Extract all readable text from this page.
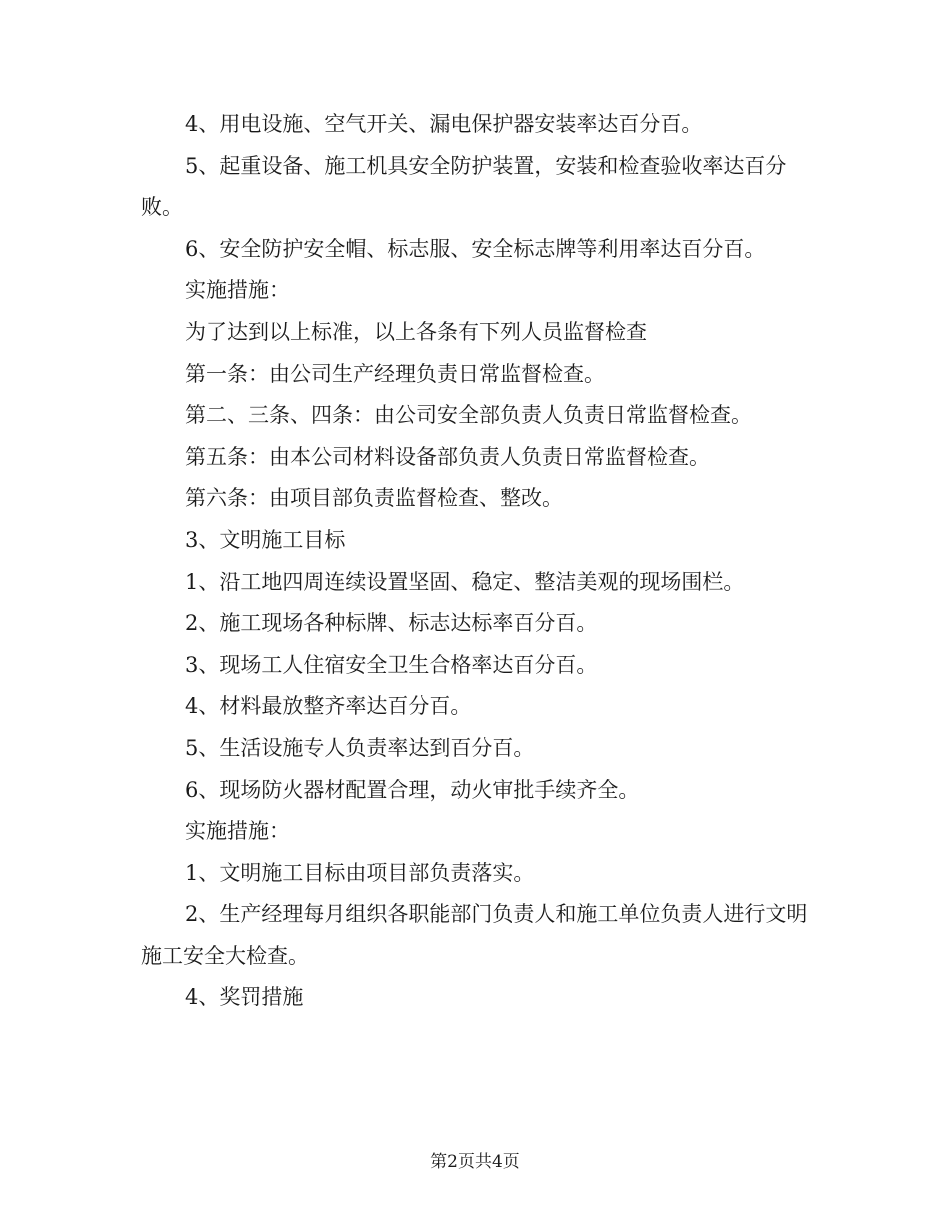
4、用电设施、空气开关、漏电保护器安装率达百分百。

5、起重设备、施工机具安全防护装置，安装和检查验收率达百分败。

6、安全防护安全帽、标志服、安全标志牌等利用率达百分百。

实施措施：

为了达到以上标准，以上各条有下列人员监督检查

第一条：由公司生产经理负责日常监督检查。

第二、三条、四条：由公司安全部负责人负责日常监督检查。

第五条：由本公司材料设备部负责人负责日常监督检查。

第六条：由项目部负责监督检查、整改。

3、文明施工目标

1、沿工地四周连续设置坚固、稳定、整洁美观的现场围栏。

2、施工现场各种标牌、标志达标率百分百。

3、现场工人住宿安全卫生合格率达百分百。

4、材料最放整齐率达百分百。

5、生活设施专人负责率达到百分百。

6、现场防火器材配置合理，动火审批手续齐全。

实施措施：

1、文明施工目标由项目部负责落实。

2、生产经理每月组织各职能部门负责人和施工单位负责人进行文明施工安全大检查。

4、奖罚措施

第2页共4页
